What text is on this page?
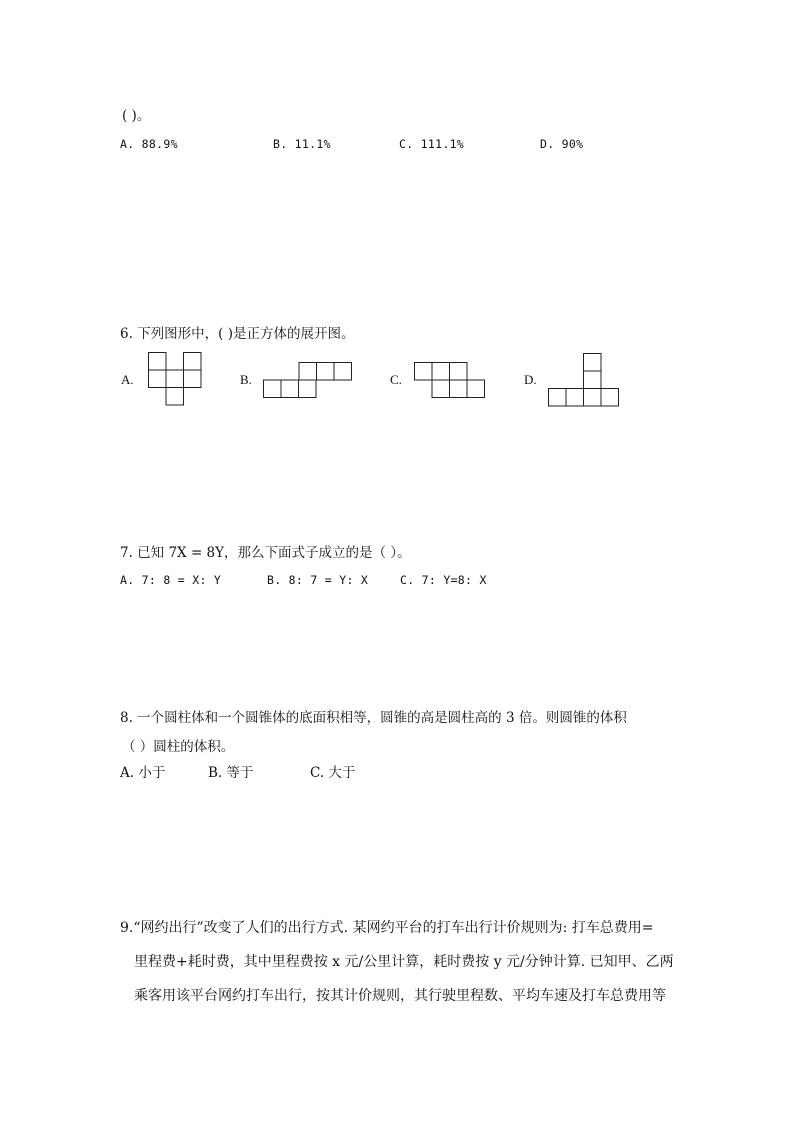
( )。
A. 88.9%	B. 11.1%	C. 111.1%	D. 90%
6. 下列图形中，( )是正方体的展开图。
A.	B.	C.	D.
7. 已知 7X = 8Y，那么下面式子成立的是（ ）。
A. 7: 8 = X: Y	B. 8: 7 = Y: X	C. 7: Y=8: X
8. 一个圆柱体和一个圆锥体的底面积相等，圆锥的高是圆柱高的 3 倍。则圆锥的体积
（ ）圆柱的体积。
A. 小于	B. 等于	C. 大于
9.“网约出行”改变了人们的出行方式. 某网约平台的打车出行计价规则为: 打车总费用=
里程费+耗时费，其中里程费按 x 元/公里计算，耗时费按 y 元/分钟计算. 已知甲、乙两
乘客用该平台网约打车出行，按其计价规则，其行驶里程数、平均车速及打车总费用等
